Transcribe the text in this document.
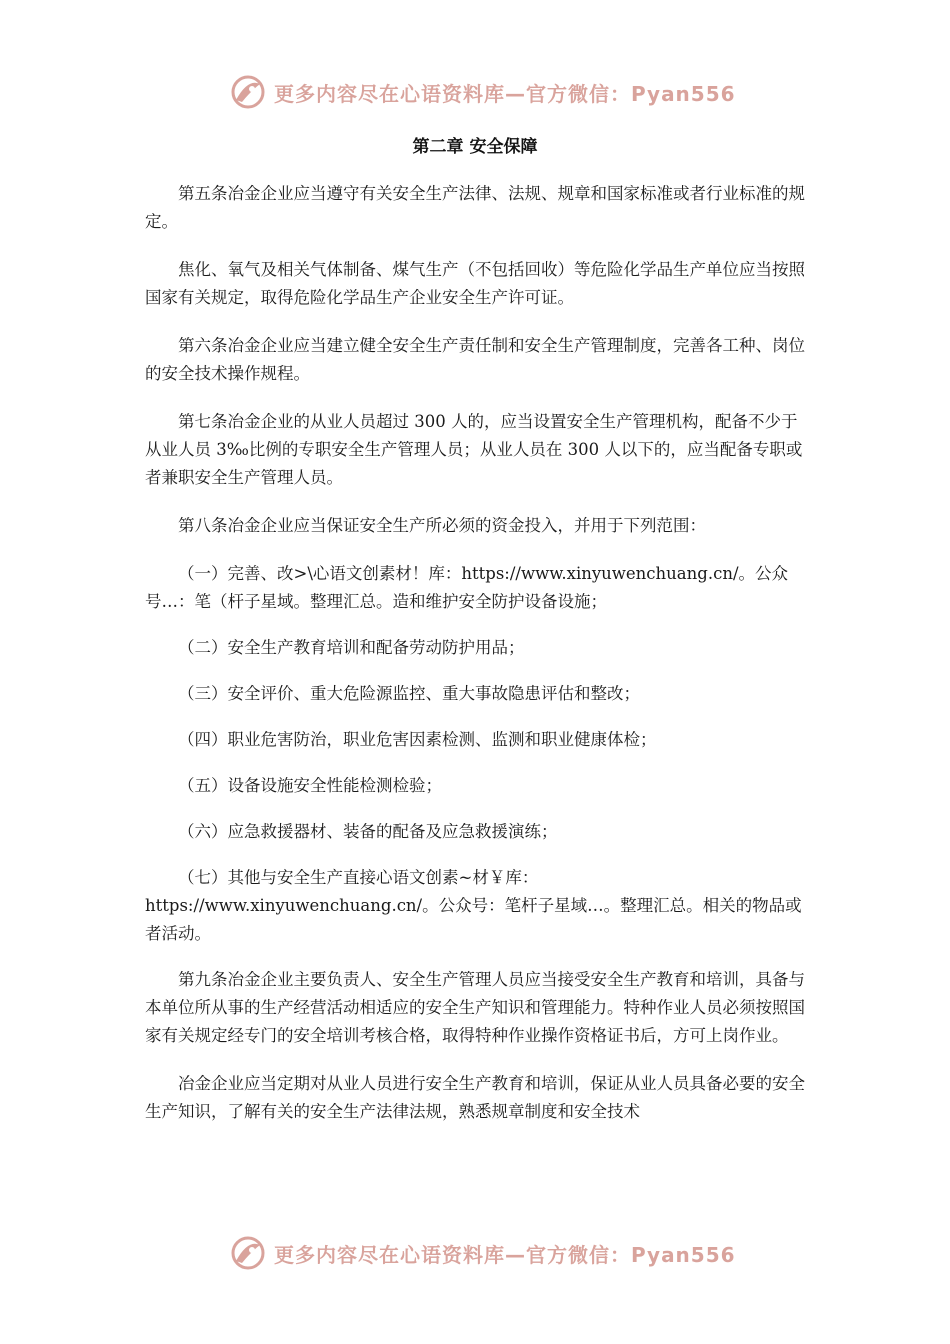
更多内容尽在心语资料库—官方微信：Pyan556
第二章 安全保障

第五条冶金企业应当遵守有关安全生产法律、法规、规章和国家标准或者行业标准的规定。

焦化、氧气及相关气体制备、煤气生产（不包括回收）等危险化学品生产单位应当按照国家有关规定，取得危险化学品生产企业安全生产许可证。

第六条冶金企业应当建立健全安全生产责任制和安全生产管理制度，完善各工种、岗位的安全技术操作规程。

第七条冶金企业的从业人员超过 300 人的，应当设置安全生产管理机构，配备不少于从业人员 3‰比例的专职安全生产管理人员；从业人员在 300 人以下的，应当配备专职或者兼职安全生产管理人员。

第八条冶金企业应当保证安全生产所必须的资金投入，并用于下列范围：

（一）完善、改>\心语文创素材！库：https://www.xinyuwenchuang.cn/。公众号…：笔（杆子星域。整理汇总。造和维护安全防护设备设施；

（二）安全生产教育培训和配备劳动防护用品；

（三）安全评价、重大危险源监控、重大事故隐患评估和整改；

（四）职业危害防治，职业危害因素检测、监测和职业健康体检；

（五）设备设施安全性能检测检验；

（六）应急救援器材、装备的配备及应急救援演练；

（七）其他与安全生产直接心语文创素~材￥库：https://www.xinyuwenchuang.cn/。公众号：笔杆子星域…。整理汇总。相关的物品或者活动。

第九条冶金企业主要负责人、安全生产管理人员应当接受安全生产教育和培训，具备与本单位所从事的生产经营活动相适应的安全生产知识和管理能力。特种作业人员必须按照国家有关规定经专门的安全培训考核合格，取得特种作业操作资格证书后，方可上岗作业。

冶金企业应当定期对从业人员进行安全生产教育和培训，保证从业人员具备必要的安全生产知识，了解有关的安全生产法律法规，熟悉规章制度和安全技术

更多内容尽在心语资料库—官方微信：Pyan556
